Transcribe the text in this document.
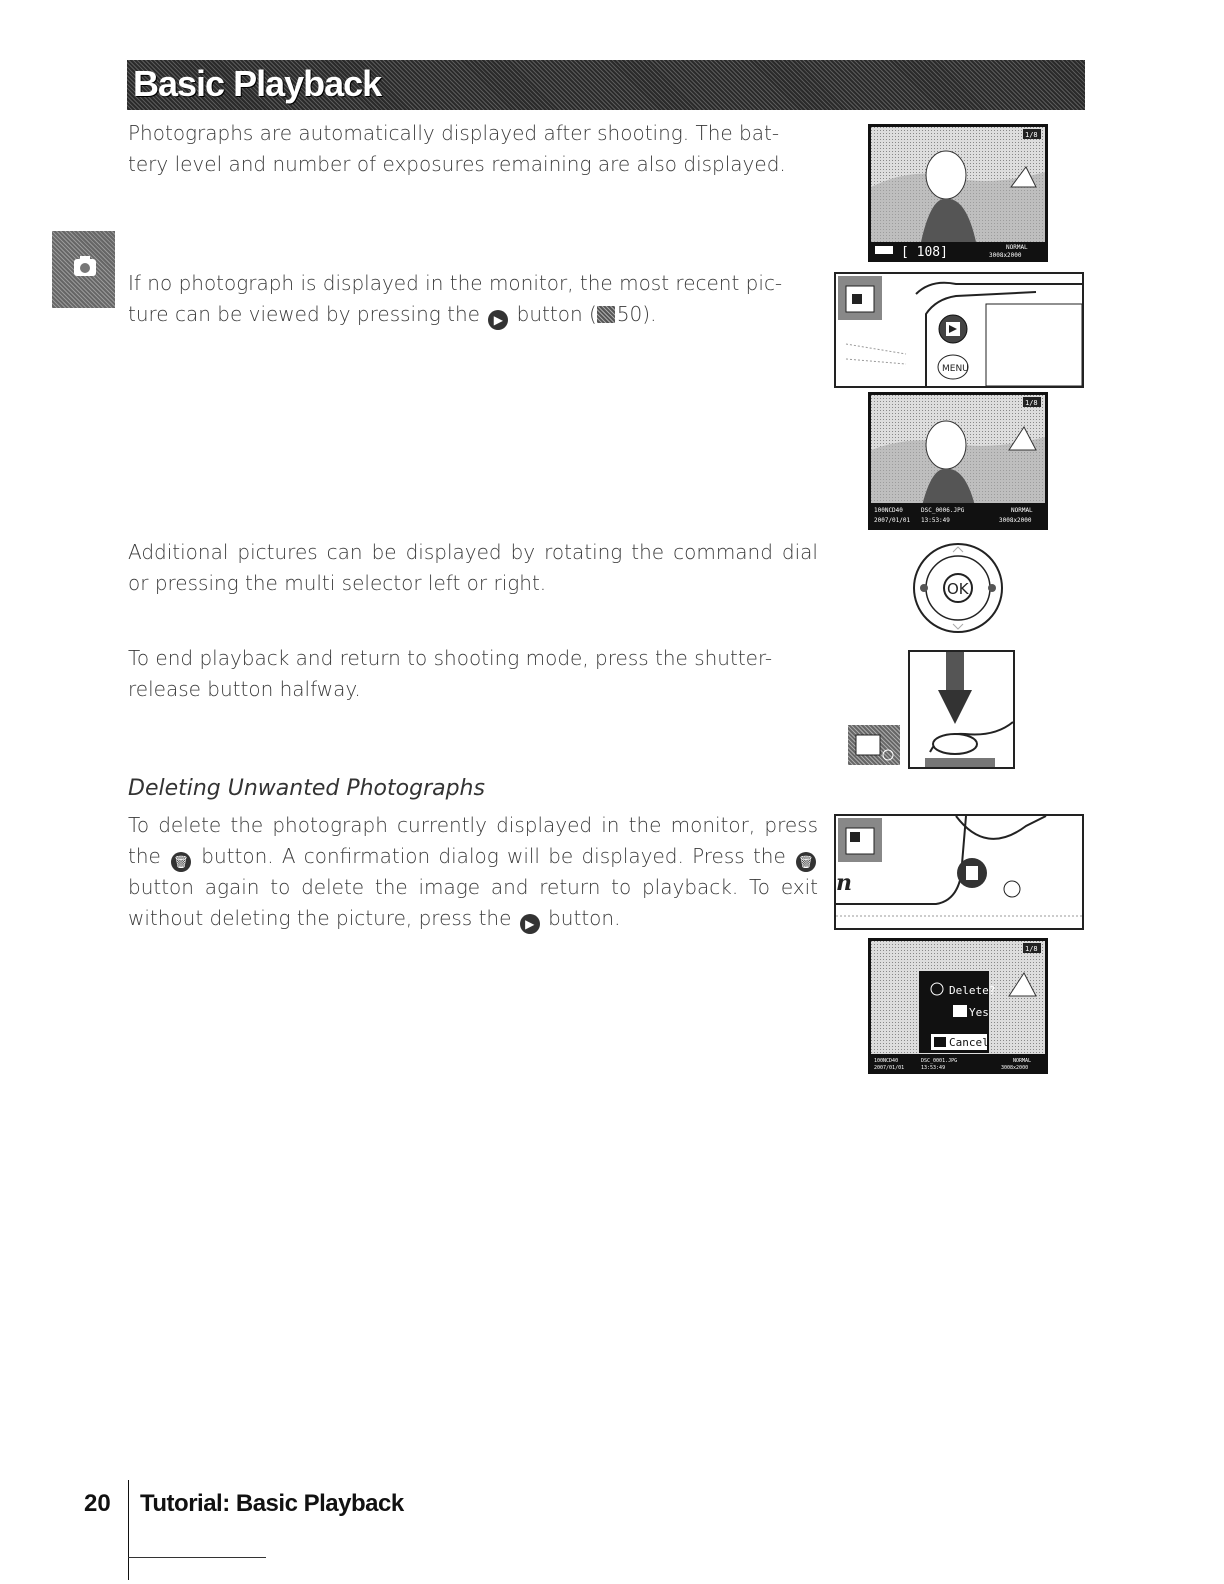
Basic Playback
Photographs are automatically displayed after shooting. The bat-tery level and number of exposures remaining are also displayed.
If no photograph is displayed in the monitor, the most recent pic-ture can be viewed by pressing the ▶ button ( 50).
Additional pictures can be displayed by rotating the command dial or pressing the multi selector left or right.
To end playback and return to shooting mode, press the shutter-release button halfway.
Deleting Unwanted Photographs
To delete the photograph currently displayed in the monitor, press the 🗑 button. A confirmation dialog will be displayed. Press the 🗑 button again to delete the image and return to playback. To exit without deleting the picture, press the ▶ button.
[ 108]	NORMAL
3008x2000
1/8
MENU
100NCD40	DSC_0006.JPG	NORMAL
2007/01/01 13:53:49	3008x2000
1/8
OK
n
Delete?
Yes
Cancel
100NCD40	DSC_0001.JPG	NORMAL
2007/01/01	13:53:49	3008x2000
1/8
20 Tutorial: Basic Playback
